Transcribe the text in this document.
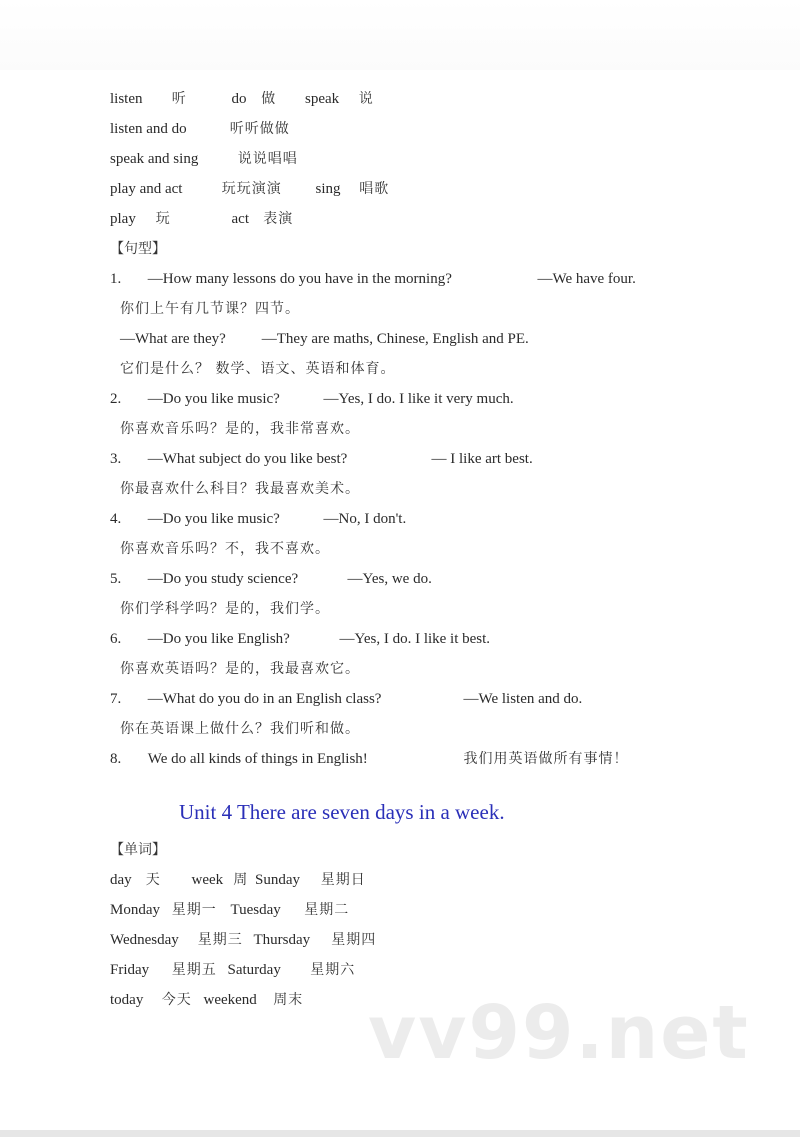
listen 听	do 做 speak 说
listen and do	听听做做
speak and sing	说说唱唱
play and act	玩玩演演 sing 唱歌
play 玩	act 表演
【句型】
1. —How many lessons do you have in the morning?	—We have four.
你们上午有几节课？四节。
—What are they? —They are maths, Chinese, English and PE.
它们是什么？ 数学、语文、英语和体育。
2. —Do you like music?	—Yes, I do. I like it very much.
你喜欢音乐吗？是的，我非常喜欢。
3. —What subject do you like best?	— I like art best.
你最喜欢什么科目？我最喜欢美术。
4. —Do you like music?	—No, I don't.
你喜欢音乐吗？不，我不喜欢。
5. —Do you study science?	—Yes, we do.
你们学科学吗？是的，我们学。
6. —Do you like English?	—Yes, I do. I like it best.
你喜欢英语吗？是的，我最喜欢它。
7. —What do you do in an English class?	—We listen and do.
你在英语课上做什么？我们听和做。
8. We do all kinds of things in English!	我们用英语做所有事情！
Unit 4 There are seven days in a week.
【单词】
day 天 week 周 Sunday 星期日
Monday 星期一 Tuesday 星期二
Wednesday 星期三 Thursday 星期四
Friday 星期五 Saturday 星期六
today 今天 weekend 周末 vv99.net
